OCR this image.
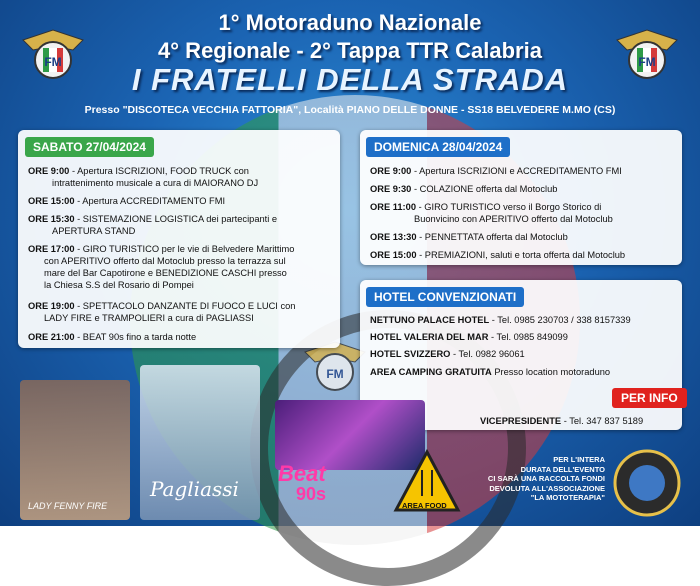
FM	FM
FM
1° Motoraduno Nazionale
4° Regionale - 2° Tappa TTR Calabria
I FRATELLI DELLA STRADA
Presso "DISCOTECA VECCHIA FATTORIA", Località PIANO DELLE DONNE - SS18 BELVEDERE M.MO (CS)
SABATO 27/04/2024
ORE 9:00 - Apertura ISCRIZIONI, FOOD TRUCK con
intrattenimento musicale a cura di MAIORANO DJ
ORE 15:00 - Apertura ACCREDITAMENTO FMI
ORE 15:30 - SISTEMAZIONE LOGISTICA dei partecipanti e
APERTURA STAND
ORE 17:00 - GIRO TURISTICO per le vie di Belvedere Marittimo
con APERITIVO offerto dal Motoclub presso la terrazza sul
mare del Bar Capotirone e BENEDIZIONE CASCHI presso
la Chiesa S.S del Rosario di Pompei
ORE 19:00 - SPETTACOLO DANZANTE DI FUOCO E LUCI con
LADY FIRE e TRAMPOLIERI a cura di PAGLIASSI
ORE 21:00 - BEAT 90s fino a tarda notte
DOMENICA 28/04/2024
ORE 9:00 - Apertura ISCRIZIONI e ACCREDITAMENTO FMI
ORE 9:30 - COLAZIONE offerta dal Motoclub
ORE 11:00 - GIRO TURISTICO verso il Borgo Storico di
Buonvicino con APERITIVO offerto dal Motoclub
ORE 13:30 - PENNETTATA offerta dal Motoclub
ORE 15:00 - PREMIAZIONI, saluti e torta offerta dal Motoclub
HOTEL CONVENZIONATI
NETTUNO PALACE HOTEL - Tel. 0985 230703 / 338 8157339
HOTEL VALERIA DEL MAR - Tel. 0985 849099
HOTEL SVIZZERO - Tel. 0982 96061
AREA CAMPING GRATUITA Presso location motoraduno
PER INFO
VICEPRESIDENTE - Tel. 347 837 5189
LADY FENNY FIRE
Pagliassi
Beat
90s
AREA FOOD
PER L'INTERA
DURATA DELL'EVENTO
CI SARÀ UNA RACCOLTA FONDI
DEVOLUTA ALL'ASSOCIAZIONE
"LA MOTOTERAPIA"
